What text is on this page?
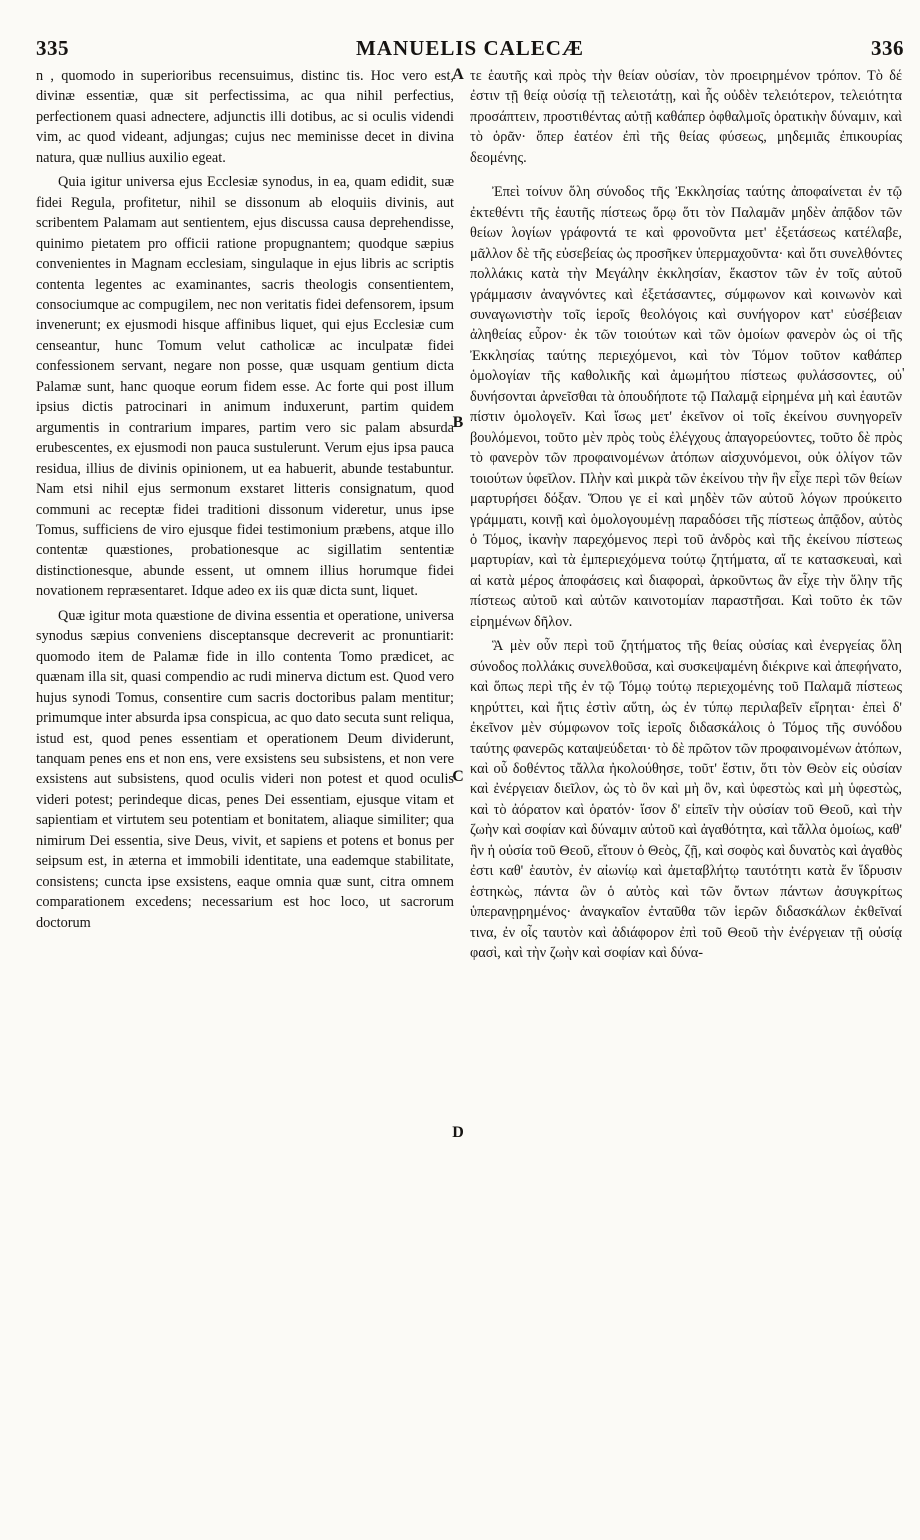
335	MANUELIS CALECÆ	336

n , quomodo in superioribus recensuimus, distinc tis. Hoc vero est, divinæ essentiæ, quæ sit perfectissima, ac qua nihil perfectius, perfectionem quasi adnectere, adjunctis illi dotibus, ac si oculis videndi vim, ac quod videant, adjungas; cujus nec meminisse decet in divina natura, quæ nullius auxilio egeat.

Quia igitur universa ejus Ecclesiæ synodus, in ea, quam edidit, suæ fidei Regula, profitetur, nihil se dissonum ab eloquiis divinis, aut scribentem Palamam aut sentientem, ejus discussa causa deprehendisse, quinimo pietatem pro officii ratione propugnantem; quodque sæpius convenientes in Magnam ecclesiam, singulaque in ejus libris ac scriptis contenta legentes ac examinantes, sacris theologis consentientem, consociumque ac compugilem, nec non veritatis fidei defensorem, ipsum invenerunt; ex ejusmodi hisque affinibus liquet, qui ejus Ecclesiæ cum censeantur, hunc Tomum velut catholicæ ac inculpatæ fidei confessionem servant, negare non posse, quæ usquam gentium dicta Palamæ sunt, hanc quoque eorum fidem esse. Ac forte qui post illum ipsius dictis patrocinari in animum induxerunt, partim quidem argumentis in contrarium impares, partim vero sic palam absurda erubescentes, ex ejusmodi non pauca sustulerunt. Verum ejus ipsa pauca residua, illius de divinis opinionem, ut ea habuerit, abunde testabuntur. Nam etsi nihil ejus sermonum exstaret litteris consignatum, quod communi ac receptæ fidei traditioni dissonum videretur, unus ipse Tomus, sufficiens de viro ejusque fidei testimonium præbens, atque illo contentæ quæstiones, probationesque ac sigillatim sententiæ distinctionesque, abunde essent, ut omnem illius horumque fidei novationem repræsentaret. Idque adeo ex iis quæ dicta sunt, liquet.

Quæ igitur mota quæstione de divina essentia et operatione, universa synodus sæpius conveniens disceptansque decreverit ac pronuntiarit: quomodo item de Palamæ fide in illo contenta Tomo prædicet, ac quænam illa sit, quasi compendio ac rudi minerva dictum est. Quod vero hujus synodi Tomus, consentire cum sacris doctoribus palam mentitur; primumque inter absurda ipsa conspicua, ac quo dato secuta sunt reliqua, istud est, quod penes essentiam et operationem Deum dividerunt, tanquam penes ens et non ens, vere exsistens seu subsistens, et non vere exsistens aut subsistens, quod oculis videri non potest et quod oculis videri potest; perindeque dicas, penes Dei essentiam, ejusque vitam et sapientiam et virtutem seu potentiam et bonitatem, aliaque similiter; qua nimirum Dei essentia, sive Deus, vivit, et sapiens et potens et bonus per seipsum est, in æterna et immobili identitate, una eademque stabilitate, consistens; cuncta ipse exsistens, eaque omnia quæ sunt, citra omnem comparationem excedens; necessarium est hoc loco, ut sacrorum doctorum

τε ἑαυτῆς καὶ πρὸς τὴν θείαν οὐσίαν, τὸν προειρημένον τρόπον. Τὸ δέ ἐστιν τῇ θείᾳ οὐσίᾳ τῇ τελειοτάτῃ, καὶ ἧς οὐδὲν τελειότερον, τελειότητα προσάπτειν, προστιθέντας αὐτῇ καθάπερ ὀφθαλμοῖς ὁρατικὴν δύναμιν, καὶ τὸ ὁρᾶν· ὅπερ ἐατέον ἐπὶ τῆς θείας φύσεως, μηδεμιᾶς ἐπικουρίας δεομένης.

Ἐπεὶ τοίνυν ὅλη σύνοδος τῆς Ἐκκλησίας ταύτης ἀποφαίνεται ἐν τῷ ἐκτεθέντι τῆς ἑαυτῆς πίστεως ὅρῳ ὅτι τὸν Παλαμᾶν μηδὲν ἀπᾷδον τῶν θείων λογίων γράφοντά τε καὶ φρονοῦντα μετ' ἐξετάσεως κατέλαβε, μᾶλλον δὲ τῆς εὐσεβείας ὡς προσῆκεν ὑπερμαχοῦντα· καὶ ὅτι συνελθόντες πολλάκις κατὰ τὴν Μεγάλην ἐκκλησίαν, ἕκαστον τῶν ἐν τοῖς αὐτοῦ γράμμασιν ἀναγνόντες καὶ ἐξετάσαντες, σύμφωνον καὶ κοινωνὸν καὶ συναγωνιστὴν τοῖς ἱεροῖς θεολόγοις καὶ συνήγορον κατ' εὐσέβειαν ἀληθείας εὗρον· ἐκ τῶν τοιούτων καὶ τῶν ὁμοίων φανερὸν ὡς οἱ τῆς Ἐκκλησίας ταύτης περιεχόμενοι, καὶ τὸν Τόμον τοῦτον καθάπερ ὁμολογίαν τῆς καθολικῆς καὶ ἀμωμήτου πίστεως φυλάσσοντες, οὐ δυνήσονται ἀρνεῖσθαι τὰ ὁπουδήποτε τῷ Παλαμᾷ εἰρημένα μὴ καὶ ἑαυτῶν πίστιν ὁμολογεῖν. Καὶ ἴσως μετ' ἐκεῖνον οἱ τοῖς ἐκείνου συνηγορεῖν βουλόμενοι, τοῦτο μὲν πρὸς τοὺς ἐλέγχους ἀπαγορεύοντες, τοῦτο δὲ πρὸς τὸ φανερὸν τῶν προφαινομένων ἀτόπων αἰσχυνόμενοι, οὐκ ὀλίγον τῶν τοιούτων ὑφεῖλον. Πλὴν καὶ μικρὰ τῶν ἐκείνου τὴν ἣν εἶχε περὶ τῶν θείων μαρτυρήσει δόξαν. Ὅπου γε εἰ καὶ μηδὲν τῶν αὐτοῦ λόγων προύκειτο γράμματι, κοινῇ καὶ ὁμολογουμένῃ παραδόσει τῆς πίστεως ἀπᾷδον, αὐτὸς ὁ Τόμος, ἱκανὴν παρεχόμενος περὶ τοῦ ἀνδρὸς καὶ τῆς ἐκείνου πίστεως μαρτυρίαν, καὶ τὰ ἐμπεριεχόμενα τούτῳ ζητήματα, αἵ τε κατασκευαὶ, καὶ αἱ κατὰ μέρος ἀποφάσεις καὶ διαφοραὶ, ἀρκοῦντως ἂν εἶχε τὴν ὅλην τῆς πίστεως αὐτοῦ καὶ αὐτῶν καινοτομίαν παραστῆσαι. Καὶ τοῦτο ἐκ τῶν εἰρημένων δῆλον.

Ἃ μὲν οὖν περὶ τοῦ ζητήματος τῆς θείας οὐσίας καὶ ἐνεργείας ὅλη σύνοδος πολλάκις συνελθοῦσα, καὶ συσκεψαμένη διέκρινε καὶ ἀπεφήνατο, καὶ ὅπως περὶ τῆς ἐν τῷ Τόμῳ τούτῳ περιεχομένης τοῦ Παλαμᾶ πίστεως κηρύττει, καὶ ἥτις ἐστὶν αὕτη, ὡς ἐν τύπῳ περιλαβεῖν εἴρηται· ἐπεὶ δ' ἐκεῖνον μὲν σύμφωνον τοῖς ἱεροῖς διδασκάλοις ὁ Τόμος τῆς συνόδου ταύτης φανερῶς καταψεύδεται· τὸ δὲ πρῶτον τῶν προφαινομένων ἀτόπων, καὶ οὗ δοθέντος τἄλλα ἠκολούθησε, τοῦτ' ἔστιν, ὅτι τὸν Θεὸν εἰς οὐσίαν καὶ ἐνέργειαν διεῖλον, ὡς τὸ ὂν καὶ μὴ ὂν, καὶ ὑφεστὼς καὶ μὴ ὑφεστὼς, καὶ τὸ ἀόρατον καὶ ὁρατόν· ἴσον δ' εἰπεῖν τὴν οὐσίαν τοῦ Θεοῦ, καὶ τὴν ζωὴν καὶ σοφίαν καὶ δύναμιν αὐτοῦ καὶ ἀγαθότητα, καὶ τἄλλα ὁμοίως, καθ' ἣν ἡ οὐσία τοῦ Θεοῦ, εἴτουν ὁ Θεὸς, ζῇ, καὶ σοφὸς καὶ δυνατὸς καὶ ἀγαθὸς ἐστι καθ' ἑαυτὸν, ἐν αἰωνίῳ καὶ ἀμεταβλήτῳ ταυτότητι κατὰ ἕν ἵδρυσιν ἑστηκὼς, πάντα ὢν ὁ αὐτὸς καὶ τῶν ὄντων πάντων ἀσυγκρίτως ὑπερανῃρημένος· ἀναγκαῖον ἐνταῦθα τῶν ἱερῶν διδασκάλων ἐκθεῖναί τινα, ἐν οἷς ταυτὸν καὶ ἀδιάφορον ἐπὶ τοῦ Θεοῦ τὴν ἐνέργειαν τῇ οὐσίᾳ φασὶ, καὶ τὴν ζωὴν καὶ σοφίαν καὶ δύνα-

A
B
C
D
'
